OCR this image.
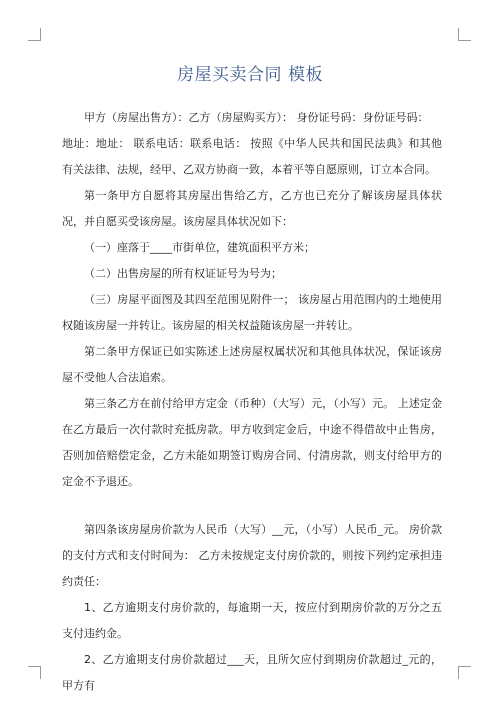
房屋买卖合同 模板

甲方（房屋出售方）：乙方（房屋购买方）： 身份证号码：身份证号码：

地址：地址： 联系电话：联系电话： 按照《中华人民共和国民法典》和其他有关法律、法规，经甲、乙双方协商一致，本着平等自愿原则，订立本合同。

第一条甲方自愿将其房屋出售给乙方，乙方也已充分了解该房屋具体状况，并自愿买受该房屋。该房屋具体状况如下：

（一）座落于____市街单位，建筑面积平方米；

（二）出售房屋的所有权证证号为号为；

（三）房屋平面图及其四至范围见附件一； 该房屋占用范围内的土地使用权随该房屋一并转让。该房屋的相关权益随该房屋一并转让。

第二条甲方保证已如实陈述上述房屋权属状况和其他具体状况，保证该房屋不受他人合法追索。

第三条乙方在前付给甲方定金（币种）（大写）元，（小写）元。 上述定金在乙方最后一次付款时充抵房款。甲方收到定金后，中途不得借故中止售房，否则加倍赔偿定金，乙方未能如期签订购房合同、付清房款，则支付给甲方的定金不予退还。

第四条该房屋房价款为人民币（大写）__元，（小写）人民币_元。 房价款的支付方式和支付时间为： 乙方未按规定支付房价款的，则按下列约定承担违约责任：

1、乙方逾期支付房价款的，每逾期一天，按应付到期房价款的万分之五支付违约金。

2、乙方逾期支付房价款超过___天，且所欠应付到期房价款超过_元的，甲方有
